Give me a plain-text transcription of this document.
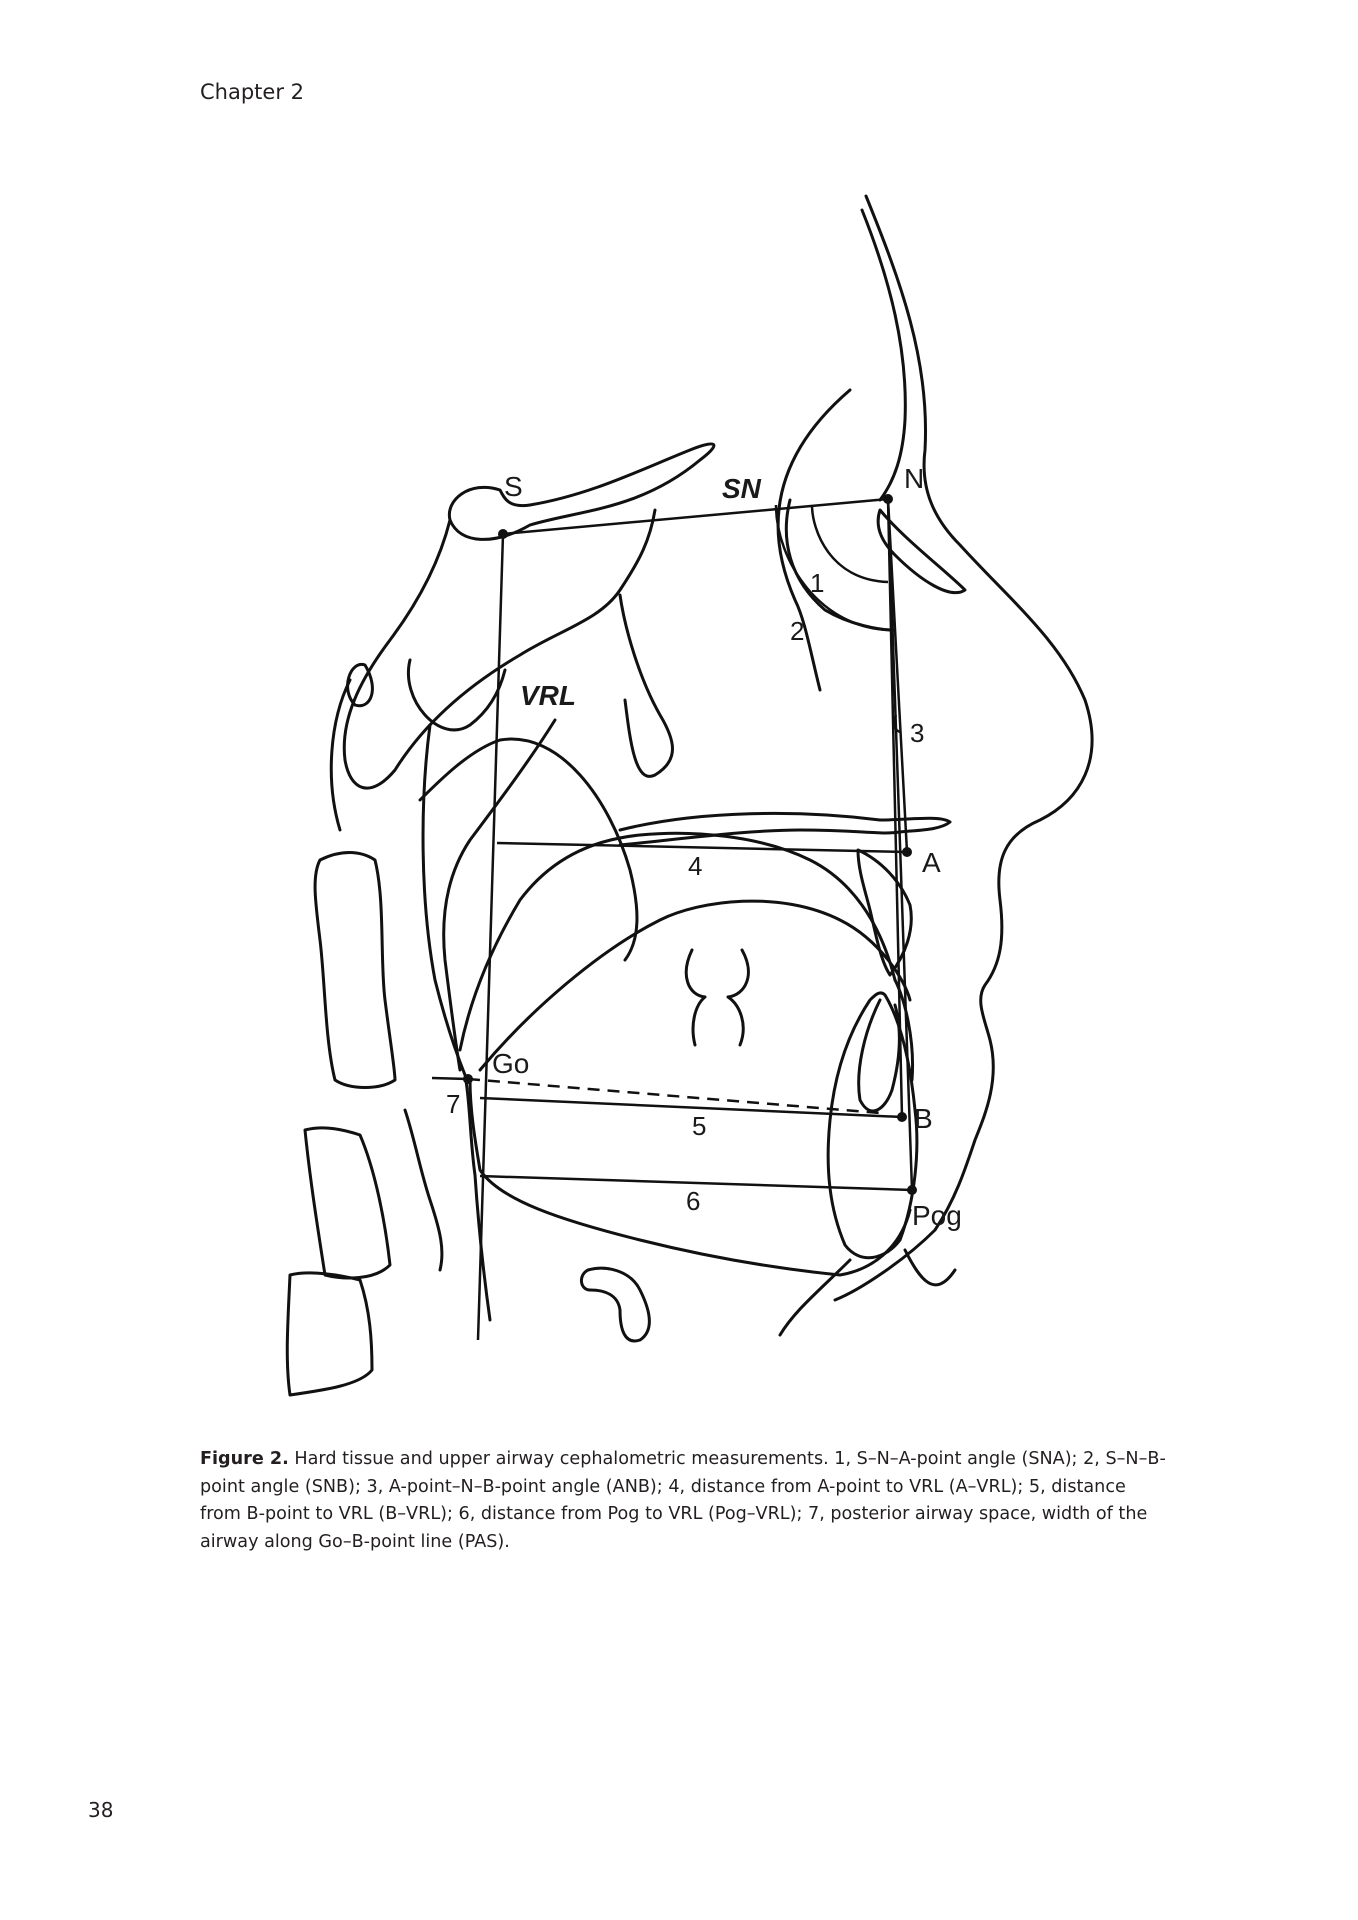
Chapter 2
S	N
SN
VRL
A
B
Go
Pog
1
2
3
4
5
6
7
Figure 2. Hard tissue and upper airway cephalometric measurements. 1, S–N–A-point angle (SNA); 2, S–N–B-point angle (SNB); 3, A-point–N–B-point angle (ANB); 4, distance from A-point to VRL (A–VRL); 5, distance from B-point to VRL (B–VRL); 6, distance from Pog to VRL (Pog–VRL); 7, posterior airway space, width of the airway along Go–B-point line (PAS).
38
